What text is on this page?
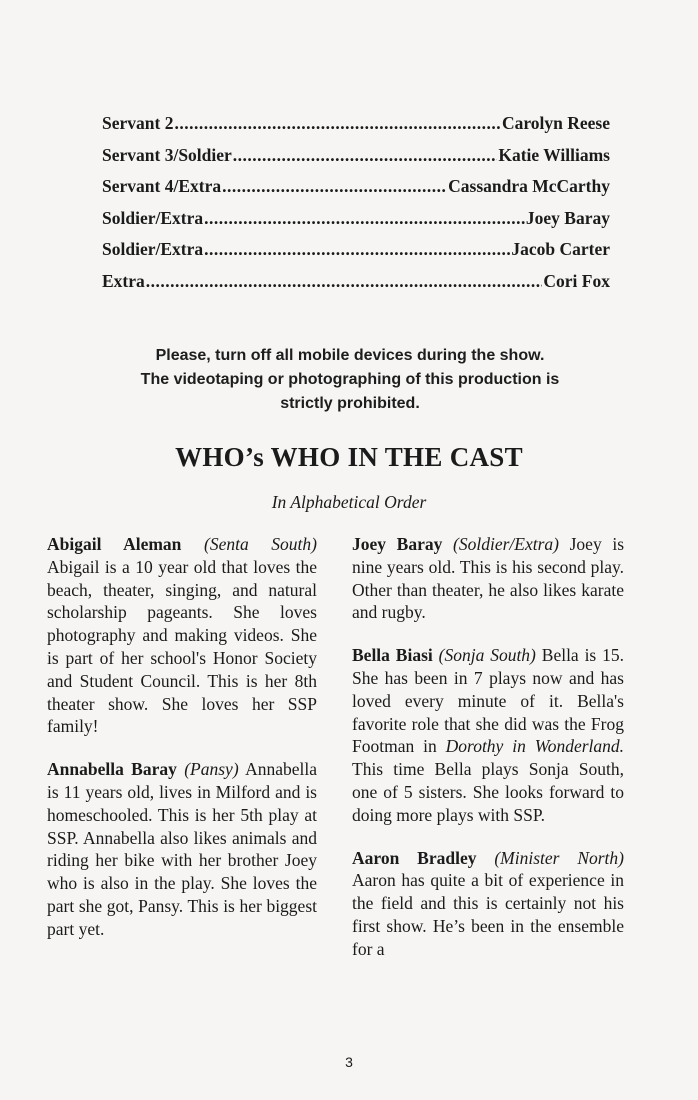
Servant 2 .....	Carolyn Reese
Servant 3/Soldier .....	Katie Williams
Servant 4/Extra .....	Cassandra McCarthy
Soldier/Extra .....	Joey Baray
Soldier/Extra .....	Jacob Carter
Extra .....	Cori Fox
Please, turn off all mobile devices during the show.
The videotaping or photographing of this production is
strictly prohibited.
WHO’s WHO IN THE CAST
In Alphabetical Order

Abigail Aleman (Senta South) Abigail is a 10 year old that loves the beach, theater, singing, and natural scholarship pageants. She loves photography and making videos. She is part of her school's Honor Society and Student Council. This is her 8th theater show. She loves her SSP family!

Annabella Baray (Pansy) Annabella is 11 years old, lives in Milford and is homeschooled. This is her 5th play at SSP. Annabella also likes animals and riding her bike with her brother Joey who is also in the play. She loves the part she got, Pansy. This is her biggest part yet.

Joey Baray (Soldier/Extra) Joey is nine years old. This is his second play. Other than theater, he also likes karate and rugby.

Bella Biasi (Sonja South) Bella is 15. She has been in 7 plays now and has loved every minute of it. Bella's favorite role that she did was the Frog Footman in Dorothy in Wonderland. This time Bella plays Sonja South, one of 5 sisters. She looks forward to doing more plays with SSP.

Aaron Bradley (Minister North) Aaron has quite a bit of experience in the field and this is certainly not his first show. He’s been in the ensemble for a

3
